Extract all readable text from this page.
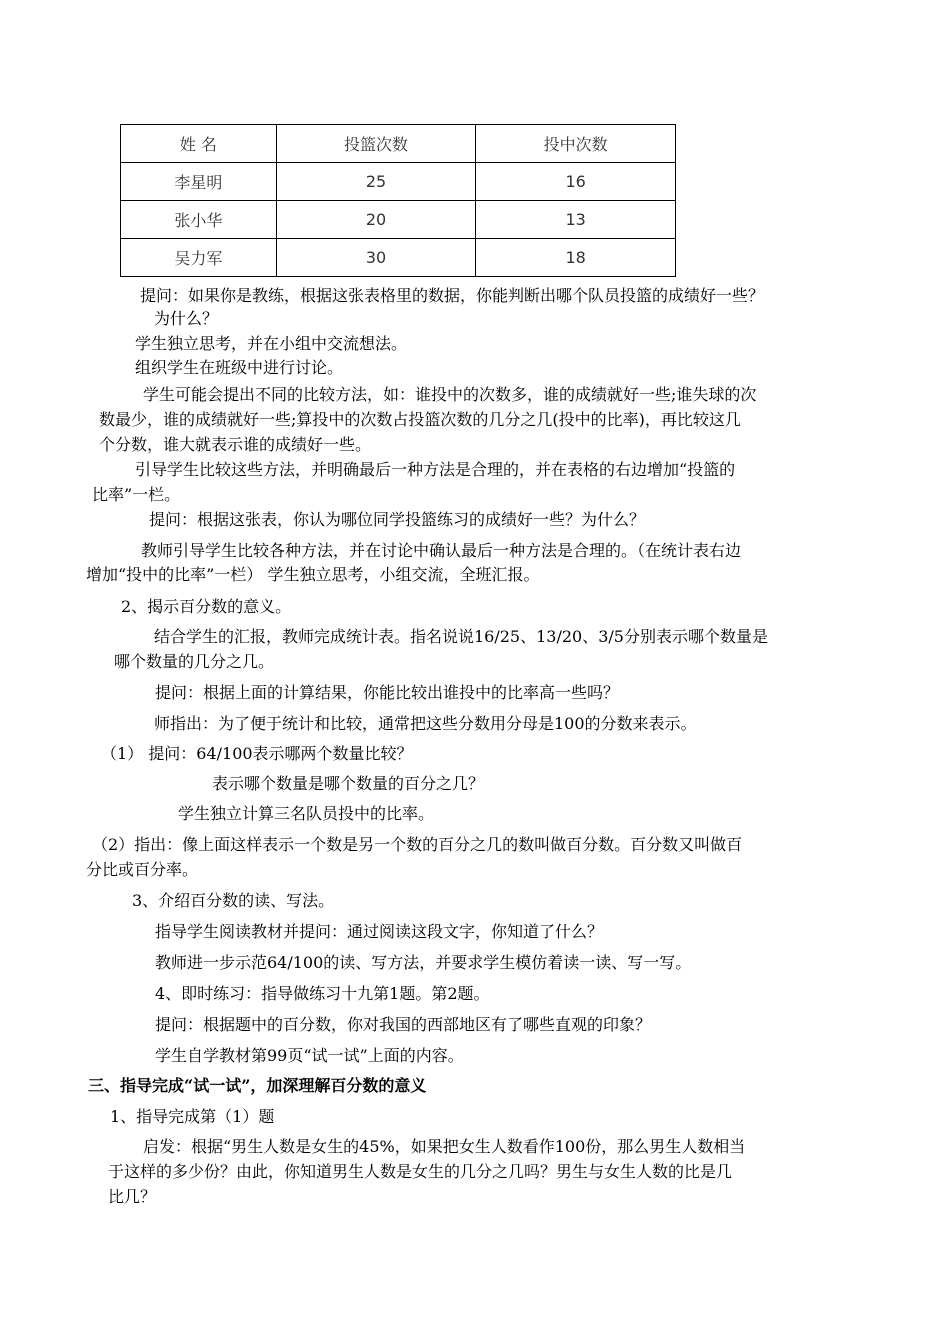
姓 名	投篮次数	投中次数
李星明	25	16
张小华	20	13
吴力军	30	18
提问：如果你是教练，根据这张表格里的数据，你能判断出哪个队员投篮的成绩好一些？
为什么？
学生独立思考，并在小组中交流想法。
组织学生在班级中进行讨论。
学生可能会提出不同的比较方法，如：谁投中的次数多，谁的成绩就好一些;谁失球的次
数最少，谁的成绩就好一些;算投中的次数占投篮次数的几分之几(投中的比率)，再比较这几
个分数，谁大就表示谁的成绩好一些。
引导学生比较这些方法，并明确最后一种方法是合理的，并在表格的右边增加“投篮的
比率”一栏。
提问：根据这张表，你认为哪位同学投篮练习的成绩好一些？为什么？
教师引导学生比较各种方法，并在讨论中确认最后一种方法是合理的。（在统计表右边
增加“投中的比率”一栏） 学生独立思考，小组交流，全班汇报。
2、揭示百分数的意义。
结合学生的汇报，教师完成统计表。指名说说16/25、13/20、3/5分别表示哪个数量是
哪个数量的几分之几。
提问：根据上面的计算结果，你能比较出谁投中的比率高一些吗？
师指出：为了便于统计和比较，通常把这些分数用分母是100的分数来表示。
（1） 提问：64/100表示哪两个数量比较？
表示哪个数量是哪个数量的百分之几？
学生独立计算三名队员投中的比率。
（2）指出：像上面这样表示一个数是另一个数的百分之几的数叫做百分数。百分数又叫做百
分比或百分率。
3、介绍百分数的读、写法。
指导学生阅读教材并提问：通过阅读这段文字，你知道了什么？
教师进一步示范64/100的读、写方法，并要求学生模仿着读一读、写一写。
4、即时练习：指导做练习十九第1题。第2题。
提问：根据题中的百分数，你对我国的西部地区有了哪些直观的印象？
学生自学教材第99页“试一试”上面的内容。
三、指导完成“试一试”，加深理解百分数的意义
1、指导完成第（1）题
启发：根据“男生人数是女生的45%，如果把女生人数看作100份，那么男生人数相当
于这样的多少份？由此，你知道男生人数是女生的几分之几吗？男生与女生人数的比是几
比几？
